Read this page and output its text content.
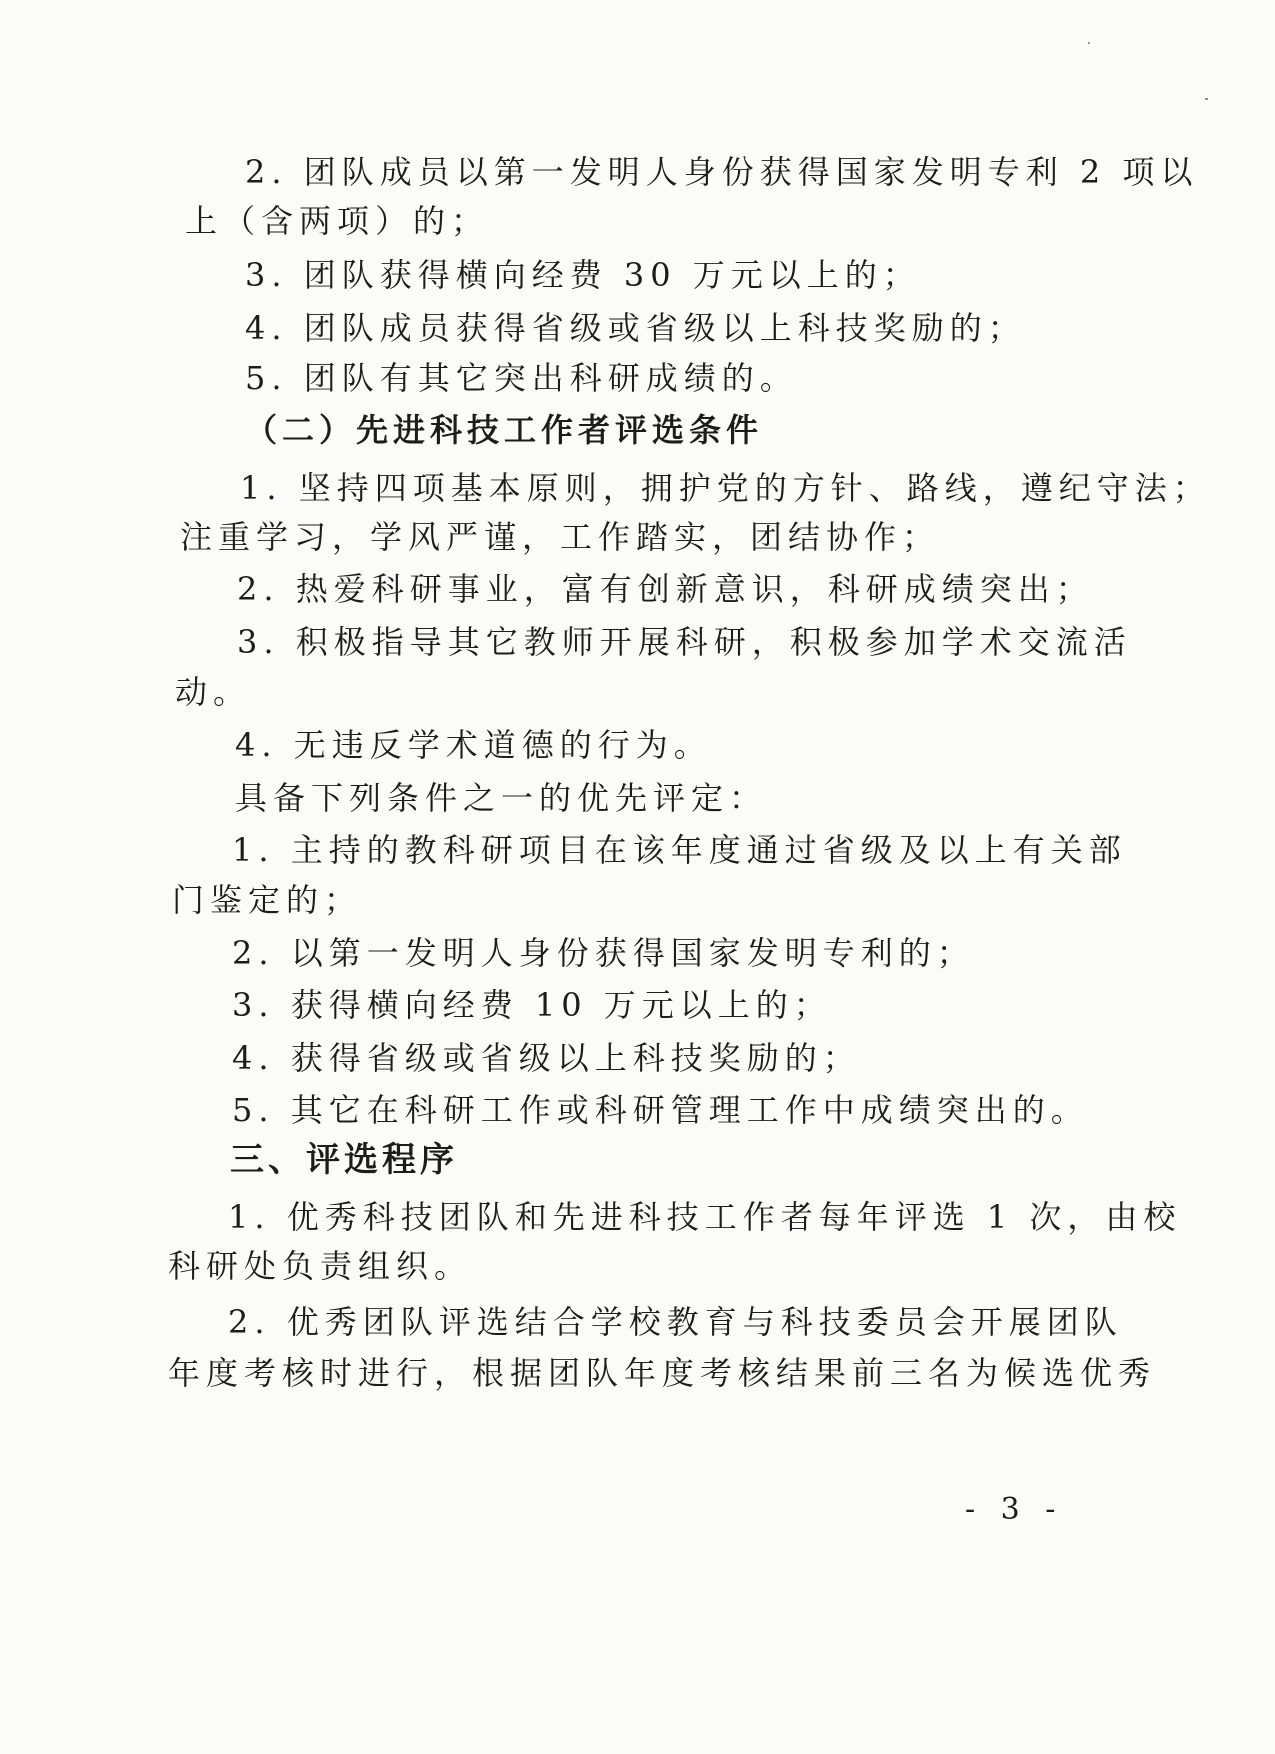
2. 团队成员以第一发明人身份获得国家发明专利 2 项以
上（含两项）的；
3. 团队获得横向经费 30 万元以上的；
4. 团队成员获得省级或省级以上科技奖励的；
5. 团队有其它突出科研成绩的。
（二）先进科技工作者评选条件
1. 坚持四项基本原则，拥护党的方针、路线，遵纪守法；
注重学习，学风严谨，工作踏实，团结协作；
2. 热爱科研事业，富有创新意识，科研成绩突出；
3. 积极指导其它教师开展科研，积极参加学术交流活
动。
4. 无违反学术道德的行为。
具备下列条件之一的优先评定：
1. 主持的教科研项目在该年度通过省级及以上有关部
门鉴定的；
2. 以第一发明人身份获得国家发明专利的；
3. 获得横向经费 10 万元以上的；
4. 获得省级或省级以上科技奖励的；
5. 其它在科研工作或科研管理工作中成绩突出的。
三、评选程序
1. 优秀科技团队和先进科技工作者每年评选 1 次，由校
科研处负责组织。
2. 优秀团队评选结合学校教育与科技委员会开展团队
年度考核时进行，根据团队年度考核结果前三名为候选优秀
- 3 -
